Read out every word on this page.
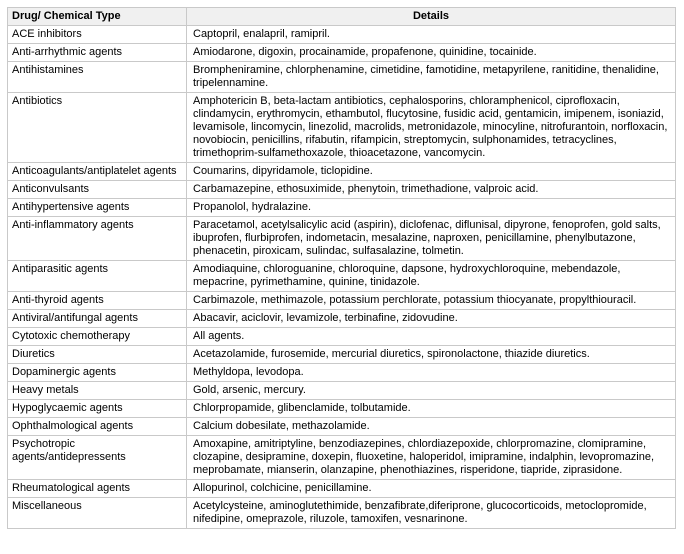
Drug/ Chemical Type	Details
ACE inhibitors	Captopril, enalapril, ramipril.
Anti-arrhythmic agents	Amiodarone, digoxin, procainamide, propafenone, quinidine, tocainide.
Antihistamines	Brompheniramine, chlorphenamine, cimetidine, famotidine, metapyrilene, ranitidine, thenalidine, tripelennamine.
Antibiotics	Amphotericin B, beta-lactam antibiotics, cephalosporins, chloramphenicol, ciprofloxacin, clindamycin, erythromycin, ethambutol, flucytosine, fusidic acid, gentamicin, imipenem, isoniazid, levamisole, lincomycin, linezolid, macrolids, metronidazole, minocyline, nitrofurantoin, norfloxacin, novobiocin, penicillins, rifabutin, rifampicin, streptomycin, sulphonamides, tetracyclines, trimethoprim-sulfamethoxazole, thioacetazone, vancomycin.
Anticoagulants/antiplatelet agents	Coumarins, dipyridamole, ticlopidine.
Anticonvulsants	Carbamazepine, ethosuximide, phenytoin, trimethadione, valproic acid.
Antihypertensive agents	Propanolol, hydralazine.
Anti-inflammatory agents	Paracetamol, acetylsalicylic acid (aspirin), diclofenac, diflunisal, dipyrone, fenoprofen, gold salts, ibuprofen, flurbiprofen, indometacin, mesalazine, naproxen, penicillamine, phenylbutazone, phenacetin, piroxicam, sulindac, sulfasalazine, tolmetin.
Antiparasitic agents	Amodiaquine, chloroguanine, chloroquine, dapsone, hydroxychloroquine, mebendazole, mepacrine, pyrimethamine, quinine, tinidazole.
Anti-thyroid agents	Carbimazole, methimazole, potassium perchlorate, potassium thiocyanate, propylthiouracil.
Antiviral/antifungal agents	Abacavir, aciclovir, levamizole, terbinafine, zidovudine.
Cytotoxic chemotherapy	All agents.
Diuretics	Acetazolamide, furosemide, mercurial diuretics, spironolactone, thiazide diuretics.
Dopaminergic agents	Methyldopa, levodopa.
Heavy metals	Gold, arsenic, mercury.
Hypoglycaemic agents	Chlorpropamide, glibenclamide, tolbutamide.
Ophthalmological agents	Calcium dobesilate, methazolamide.
Psychotropic agents/antidepressents	Amoxapine, amitriptyline, benzodiazepines, chlordiazepoxide, chlorpromazine, clomipramine, clozapine, desipramine, doxepin, fluoxetine, haloperidol, imipramine, indalphin, levopromazine, meprobamate, mianserin, olanzapine, phenothiazines, risperidone, tiapride, ziprasidone.
Rheumatological agents	Allopurinol, colchicine, penicillamine.
Miscellaneous	Acetylcysteine, aminoglutethimide, benzafibrate,diferiprone, glucocorticoids, metoclopromide, nifedipine, omeprazole, riluzole, tamoxifen, vesnarinone.
